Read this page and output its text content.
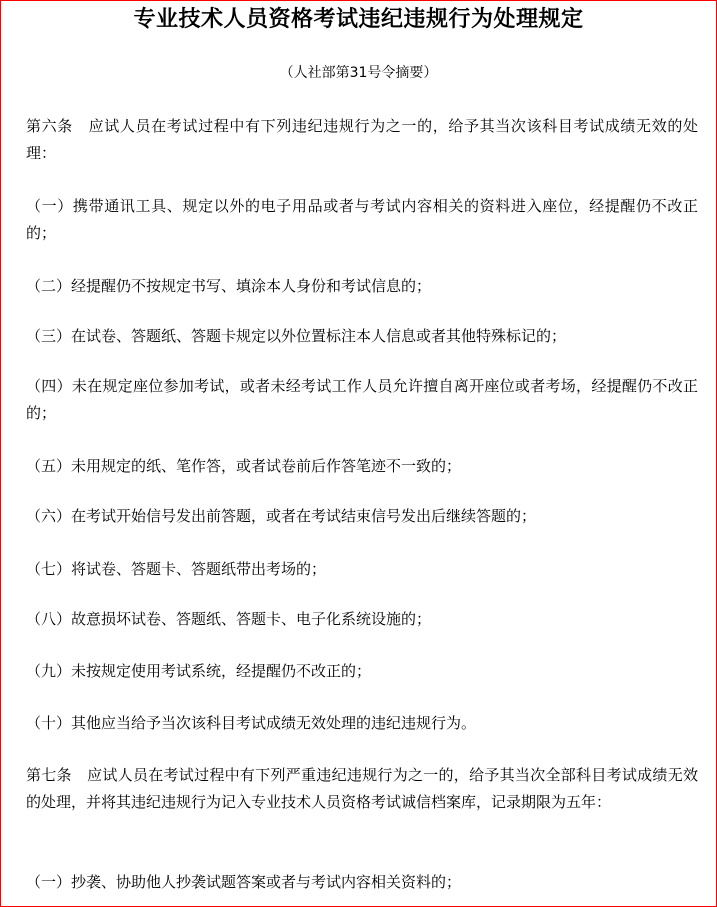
专业技术人员资格考试违纪违规行为处理规定
（人社部第31号令摘要）

第六条　应试人员在考试过程中有下列违纪违规行为之一的，给予其当次该科目考试成绩无效的处理：

（一）携带通讯工具、规定以外的电子用品或者与考试内容相关的资料进入座位，经提醒仍不改正的；

（二）经提醒仍不按规定书写、填涂本人身份和考试信息的；

（三）在试卷、答题纸、答题卡规定以外位置标注本人信息或者其他特殊标记的；

（四）未在规定座位参加考试，或者未经考试工作人员允许擅自离开座位或者考场，经提醒仍不改正的；

（五）未用规定的纸、笔作答，或者试卷前后作答笔迹不一致的；

（六）在考试开始信号发出前答题，或者在考试结束信号发出后继续答题的；

（七）将试卷、答题卡、答题纸带出考场的；

（八）故意损坏试卷、答题纸、答题卡、电子化系统设施的；

（九）未按规定使用考试系统，经提醒仍不改正的；

（十）其他应当给予当次该科目考试成绩无效处理的违纪违规行为。

第七条　应试人员在考试过程中有下列严重违纪违规行为之一的，给予其当次全部科目考试成绩无效的处理，并将其违纪违规行为记入专业技术人员资格考试诚信档案库，记录期限为五年：

（一）抄袭、协助他人抄袭试题答案或者与考试内容相关资料的；
